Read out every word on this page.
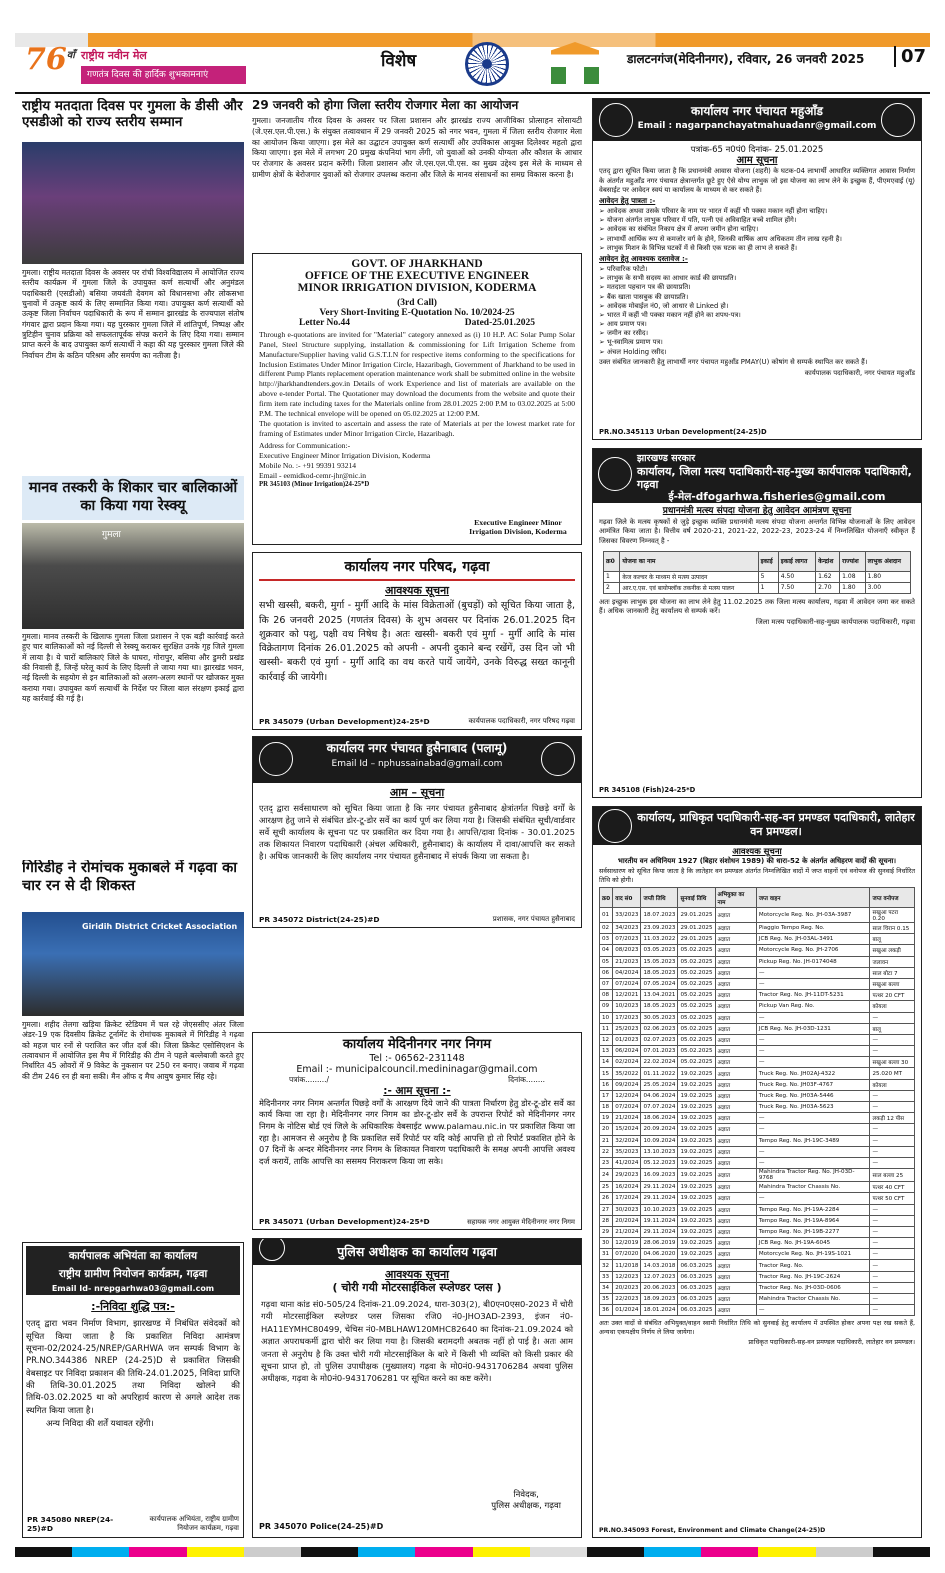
$76^{वाँ}$ राष्ट्रीय नवीन मेल
गणतंत्र दिवस की हार्दिक शुभकामनाएं
विशेष	डालटनगंज(मेदिनीनगर), रविवार, 26 जनवरी 2025	07
राष्ट्रीय मतदाता दिवस पर गुमला के डीसी और एसडीओ को राज्य स्तरीय सम्मान
गुमला। राष्ट्रीय मतदाता दिवस के अवसर पर रांची विश्वविद्यालय में आयोजित राज्य स्तरीय कार्यक्रम में गुमला जिले के उपायुक्त कर्ण सत्यार्थी और अनुमंडल पदाधिकारी (एसडीओ) बसिया जयवंती देवगम को विधानसभा और लोकसभा चुनावों में उत्कृष्ट कार्य के लिए सम्मानित किया गया। उपायुक्त कर्ण सत्यार्थी को उत्कृष्ट जिला निर्वाचन पदाधिकारी के रूप में सम्मान झारखंड के राज्यपाल संतोष गंगवार द्वारा प्रदान किया गया। यह पुरस्कार गुमला जिले में शांतिपूर्ण, निष्पक्ष और त्रुटिहीन चुनाव प्रक्रिया को सफलतापूर्वक संपन्न कराने के लिए दिया गया। सम्मान प्राप्त करने के बाद उपायुक्त कर्ण सत्यार्थी ने कहा की यह पुरस्कार गुमला जिले की निर्वाचन टीम के कठिन परिश्रम और समर्पण का नतीजा है।
मानव तस्करी के शिकार चार बालिकाओं का किया गया रेस्क्यू
गुमला
गुमला। मानव तस्करी के खिलाफ गुमला जिला प्रशासन ने एक बड़ी कार्रवाई करते हुए चार बालिकाओं को नई दिल्ली से रेस्क्यू कराकर सुरक्षित उनके गृह जिले गुमला में लाया है। ये चारों बालिकाएं जिले के घाघरा, गोरापुर, बसिया और डुमरी प्रखंड की निवासी हैं, जिन्हें घरेलू कार्य के लिए दिल्ली ले जाया गया था। झारखंड भवन, नई दिल्ली के सहयोग से इन बालिकाओं को अलग-अलग स्थानों पर खोजकर मुक्त कराया गया। उपायुक्त कर्ण सत्यार्थी के निर्देश पर जिला बाल संरक्षण इकाई द्वारा यह कार्रवाई की गई है।
गिरिडीह ने रोमांचक मुकाबले में गढ़वा का चार रन से दी शिकस्त
Giridih District Cricket Association
गुमला। शहीद तेलगा खड़िया क्रिकेट स्टेडियम में चल रहे जेएससीए अंतर जिला अंडर-19 एक दिवसीय क्रिकेट टूर्नामेंट के रोमांचक मुकाबले में गिरिडीह ने गढ़वा को महज चार रनों से पराजित कर जीत दर्ज की। जिला क्रिकेट एसोसिएशन के तत्वावधान में आयोजित इस मैच में गिरिडीह की टीम ने पहले बल्लेबाजी करते हुए निर्धारित 45 ओवरों में 9 विकेट के नुकसान पर 250 रन बनाए। जवाब में गढ़वा की टीम 246 रन ही बना सकी। मैन ऑफ द मैच आयुष कुमार सिंह रहे।
कार्यपालक अभियंता का कार्यालय
राष्ट्रीय ग्रामीण नियोजन कार्यक्रम, गढ़वा
Email Id- nrepgarhwa03@gmail.com
:-निविदा शुद्धि पत्र:-
एतद् द्वारा भवन निर्माण विभाग, झारखण्ड में निबंधित संवेदकों को सूचित किया जाता है कि प्रकाशित निविदा आमंत्रण सूचना-02/2024-25/NREP/GARHWA जन सम्पर्क विभाग के PR.NO.344386 NREP (24-25)D से प्रकाशित जिसकी वेबसाइट पर निविदा प्रकाशन की तिथि-24.01.2025, निविदा प्राप्ति की तिथि-30.01.2025 तथा निविदा खोलने की तिथि-03.02.2025 था को अपरिहार्य कारण से अगले आदेश तक स्थगित किया जाता है।
अन्य निविदा की शर्तें यथावत रहेंगी।
PR 345080 NREP(24-25)#D
कार्यपालक अभियंता, राष्ट्रीय ग्रामीण नियोजन कार्यक्रम, गढ़वा
29 जनवरी को होगा जिला स्तरीय रोजगार मेला का आयोजन
गुमला। जनजातीय गौरव दिवस के अवसर पर जिला प्रशासन और झारखंड राज्य आजीविका प्रोत्साहन सोसायटी (जे.एस.एल.पी.एस.) के संयुक्त तत्वावधान में 29 जनवरी 2025 को नगर भवन, गुमला में जिला स्तरीय रोजगार मेला का आयोजन किया जाएगा। इस मेले का उद्घाटन उपायुक्त कर्ण सत्यार्थी और उपविकास आयुक्त दिलेश्वर महतो द्वारा किया जाएगा। इस मेले में लगभग 20 प्रमुख कंपनियां भाग लेंगी, जो युवाओं को उनकी योग्यता और कौशल के आधार पर रोजगार के अवसर प्रदान करेंगी। जिला प्रशासन और जे.एस.एल.पी.एस. का मुख्य उद्देश्य इस मेले के माध्यम से ग्रामीण क्षेत्रों के बेरोजगार युवाओं को रोजगार उपलब्ध कराना और जिले के मानव संसाधनों का समग्र विकास करना है।
GOVT. OF JHARKHAND
OFFICE OF THE EXECUTIVE ENGINEER
MINOR IRRIGATION DIVISION, KODERMA
(3rd Call)
Very Short-Inviting E-Quotation No. 10/2024-25
Letter No.44	Dated-25.01.2025
Through e-quotations are invited for "Material" category annexed as (i) 10 H.P. AC Solar Pump Solar Panel, Steel Structure supplying, installation & commissioning for Lift Irrigation Scheme from Manufacture/Supplier having valid G.S.T.I.N for respective items conforming to the specifications for Inclusion Estimates Under Minor Irrigation Circle, Hazaribagh, Government of Jharkhand to be used in different Pump Plants replacement operation maintenance work shall be submitted online in the website http://jharkhandtenders.gov.in Details of work Experience and list of materials are available on the above e-tender Portal. The Quotationer may download the documents from the website and quote their firm item rate including taxes for the Materials online from 28.01.2025 2:00 P.M to 03.02.2025 at 5:00 P.M. The technical envelope will be opened on 05.02.2025 at 12:00 P.M.
The quotation is invited to ascertain and assess the rate of Materials at per the lowest market rate for framing of Estimates under Minor Irrigation Circle, Hazaribagh.
Address for Communication:-
Executive Engineer Minor Irrigation Division, Koderma
Mobile No. :- +91 99391 93214
Email - eemidkod-cemr-jhr@nic.in
PR 345103 (Minor Irrigation)24-25*D
Executive Engineer Minor Irrigation Division, Koderma
कार्यालय नगर परिषद, गढ़वा
आवश्यक सूचना
सभी खस्सी, बकरी, मुर्गा - मुर्गी आदि के मांस विक्रेताओं (बुचड़ों) को सूचित किया जाता है, कि 26 जनवरी 2025 (गणतंत्र दिवस) के शुभ अवसर पर दिनांक 26.01.2025 दिन शुक्रवार को पशु, पक्षी वध निषेध है। अतः खस्सी- बकरी एवं मुर्गा - मुर्गी आदि के मांस विक्रेतागण दिनांक 26.01.2025 को अपनी - अपनी दुकाने बन्द रखेंगें, उस दिन जो भी खस्सी- बकरी एवं मुर्गा - मुर्गी आदि का वध करते पायें जायेंगे, उनके विरुद्ध सख्त कानूनी कार्रवाई की जायेगी।
PR 345079 (Urban Development)24-25*D	कार्यपालक पदाधिकारी, नगर परिषद गढ़वा
कार्यालय नगर पंचायत हुसैनाबाद (पलामू)
Email Id – nphussainabad@gmail.com
आम – सूचना
एतद् द्वारा सर्वसाधारण को सूचित किया जाता है कि नगर पंचायत हुसैनाबाद क्षेत्रांतर्गत पिछड़े वर्गों के आरक्षण हेतु जाने से संबंधित डोर-टू-डोर सर्वे का कार्य पूर्ण कर लिया गया है। जिसकी संबंधित सूची/वार्डवार सर्वे सूची कार्यालय के सूचना पट पर प्रकाशित कर दिया गया है। आपत्ति/दावा दिनांक - 30.01.2025 तक शिकायत निवारण पदाधिकारी (अंचल अधिकारी, हुसैनाबाद) के कार्यालय में दावा/आपत्ति कर सकते है। अधिक जानकारी के लिए कार्यालय नगर पंचायत हुसैनाबाद में संपर्क किया जा सकता है।
PR 345072 District(24-25)#D	प्रशासक, नगर पंचायत हुसैनाबाद
कार्यालय मेदिनीनगर नगर निगम
Tel :- 06562-231148
Email :- municipalcouncil.medininagar@gmail.com
पत्रांक........./	दिनांक........
:- आम सूचना :-
मेदिनीनगर नगर निगम अन्तर्गत पिछड़े वर्गों के आरक्षण दिये जाने की पात्रता निर्धारण हेतु डोर-टू-डोर सर्वे का कार्य किया जा रहा है। मेदिनीनगर नगर निगम का डोर-टू-डोर सर्वे के उपरान्त रिपोर्ट को मेदिनीनगर नगर निगम के नोटिस बोर्ड एवं जिले के अधिकारिक वेबसाईट www.palamau.nic.in पर प्रकाशित किया जा रहा है। आमजन से अनुरोध है कि प्रकाशित सर्वे रिपोर्ट पर यदि कोई आपत्ति हो तो रिपोर्ट प्रकाशित होने के 07 दिनों के अन्दर मेदिनीनगर नगर निगम के शिकायत निवारण पदाधिकारी के समक्ष अपनी आपत्ति अवश्य दर्ज करायें, ताकि आपत्ति का ससमय निराकरण किया जा सके।
PR 345071 (Urban Development)24-25*D	सहायक नगर आयुक्त मेदिनीनगर नगर निगम
पुलिस अधीक्षक का कार्यालय गढ़वा
आवश्यक सूचना
( चोरी गयी मोटरसाईकिल स्प्लेण्डर प्लस )
गढ़वा थाना कांड सं0-505/24 दिनांक-21.09.2024, धारा-303(2), बी0एन0एस0-2023 में चोरी गयी मोटरसाईकिल स्प्लेण्डर प्लस जिसका रजि0 नं0-JHO3AD-2393, इंजन नं0-HA11EYMHC80499, चेचिस नं0-MBLHAW120MHC82640 का दिनांक-21.09.2024 को अज्ञात अपराधकर्मी द्वारा चोरी कर लिया गया है। जिसकी बरामदगी अबतक नहीं हो पाई है। अतः आम जनता से अनुरोध है कि उक्त चोरी गयी मोटरसाईकिल के बारे में किसी भी व्यक्ति को किसी प्रकार की सूचना प्राप्त हो, तो पुलिस उपाधीक्षक (मुख्यालय) गढ़वा के मो0नं0-9431706284 अथवा पुलिस अधीक्षक, गढ़वा के मो0नं0-9431706281 पर सूचित करने का कष्ट करेंगे।
निवेदक,
पुलिस अधीक्षक, गढ़वा
PR 345070 Police(24-25)#D
कार्यालय नगर पंचायत महुआँड
Email : nagarpanchayatmahuadanr@gmail.com
पत्रांक-65 न0पं0 दिनांक- 25.01.2025
आम सूचना
एतद् द्वारा सूचित किया जाता है कि प्रधानमंत्री आवास योजना (शहरी) के घटक-04 लाभार्थी आधारित व्यक्तिगत आवास निर्माण के अंतर्गत महुआँड नगर पंचायत क्षेत्रान्तर्गत छूटे हुए ऐसे योग्य लाभुक जो इस योजना का लाभ लेने के इच्छुक हैं, पीएमएवाई (यू) वेबसाईट पर आवेदन स्वयं या कार्यालय के माध्यम से कर सकते हैं।
आवेदन हेतु पात्रता :-
➢ आवेदक अथवा उसके परिवार के नाम पर भारत में कहीं भी पक्का मकान नहीं होना चाहिए।
➢ योजना अंतर्गत लाभुक परिवार में पति, पत्नी एवं अविवाहित बच्चे शामिल होंगे।
➢ आवेदक का संबंधित निकाय क्षेत्र में अपना जमीन होना चाहिए।
➢ लाभार्थी आर्थिक रूप से कमजोर वर्ग के होने, जिनकी वार्षिक आय अधिकतम तीन लाख रहनी है।
➢ लाभुक मिशन के विभिन्न घटकों में से किसी एक घटक का ही लाभ ले सकते हैं।
आवेदन हेतु आवश्यक दस्तावेज :-
➢ परिवारिक फोटो।
➢ लाभुक के सभी सदस्य का आधार कार्ड की छायाप्रति।
➢ मतदाता पहचान पत्र की छायाप्रति।
➢ बैंक खाता पासबुक की छायाप्रति।
➢ आवेदक मोबाईल नं0, जो आधार से Linked हो।
➢ भारत में कहीं भी पक्का मकान नहीं होने का शपथ-पत्र।
➢ आय प्रमाण पत्र।
➢ जमीन का रसीद।
➢ भू-स्वामित्व प्रमाण पत्र।
➢ अंचल Holding रसीद।
उक्त संबंधित जानकारी हेतु लाभार्थी नगर पंचायत महुआँड PMAY(U) कोषांग से सम्पर्क स्थापित कर सकते हैं।
कार्यपालक पदाधिकारी, नगर पंचायत महुआँड
PR.NO.345113 Urban Development(24-25)D
झारखण्ड सरकार
कार्यालय, जिला मत्स्य पदाधिकारी-सह-मुख्य कार्यपालक पदाधिकारी, गढ़वा
ई-मेल-dfogarhwa.fisheries@gmail.com
प्रधानमंत्री मत्स्य संपदा योजना हेतु आवेदन आमंत्रण सूचना
गढ़वा जिले के मत्स्य कृषकों से जुड़े इच्छुक व्यक्ति प्रधानमंत्री मत्स्य संपदा योजना अन्तर्गत विभिन्न योजनाओं के लिए आवेदन आमंत्रित किया जाता है। वित्तीय वर्ष 2020-21, 2021-22, 2022-23, 2023-24 में निम्नलिखित योजनाएँ स्वीकृत हैं जिसका विवरण निम्नवत् है -
क्र0	योजना का नाम	इकाई	इकाई लागत	केन्द्रांश	राज्यांश	लाभुक अंशदान
1	केज कल्चर के माध्यम से मत्स्य उत्पादन	5	4.50	1.62	1.08	1.80
2	आर.ए.एस. एवं बायोफ्लॉक तकनीक से मत्स्य पालन	1	7.50	2.70	1.80	3.00
अतः इच्छुक लाभुक इस योजना का लाभ लेने हेतु 11.02.2025 तक जिला मत्स्य कार्यालय, गढ़वा में आवेदन जमा कर सकते हैं। अधिक जानकारी हेतु कार्यालय से सम्पर्क करें।
जिला मत्स्य पदाधिकारी-सह-मुख्य कार्यपालक पदाधिकारी, गढ़वा
PR 345108 (Fish)24-25*D
कार्यालय, प्राधिकृत पदाधिकारी-सह-वन प्रमण्डल पदाधिकारी, लातेहार वन प्रमण्डल।
आवश्यक सूचना
भारतीय वन अधिनियम 1927 (बिहार संशोधन 1989) की धारा-52 के अंतर्गत अधिहरण वादों की सूचना।
सर्वसाधारण को सूचित किया जाता है कि लातेहार वन प्रमण्डल अंतर्गत निम्नलिखित वादों में जप्त वाहनों एवं वनोपज की सुनवाई निर्धारित तिथि को होगी।
क्र0	वाद सं0	जप्ती तिथि	सुनवाई तिथि	अभियुक्त का नाम	जप्त वाहन	जप्त वनोपज
01	33/2023	18.07.2023	29.01.2025	अज्ञात	Motorcycle Reg. No. JH-03A-3987	सखुआ पटरा 0.20
02	34/2023	23.09.2023	29.01.2025	अज्ञात	Piaggio Tempo Reg. No.	साल चिरान 0.15
03	07/2023	11.03.2022	29.01.2025	अज्ञात	JCB Reg. No. JH-03AL-3491	बालू
04	08/2023	03.05.2023	05.02.2025	अज्ञात	Motorcycle Reg. No. JH-2706	सखुआ लकड़ी
05	21/2023	15.05.2023	05.02.2025	अज्ञात	Pickup Reg. No. JH-0174048	जलावन
06	04/2024	18.05.2023	05.02.2025	अज्ञात	—	साल बोटा 7
07	07/2024	07.05.2024	05.02.2025	अज्ञात	—	सखुआ बल्ला
08	12/2021	13.04.2021	05.02.2025	अज्ञात	Tractor Reg. No. JH-11DT-5231	पत्थर 20 CFT
09	10/2023	18.05.2023	05.02.2025	अज्ञात	Pickup Van Reg. No.	कोयला
10	17/2023	30.05.2023	05.02.2025	अज्ञात	—	—
11	25/2023	02.06.2023	05.02.2025	अज्ञात	JCB Reg. No. JH-03D-1231	बालू
12	01/2023	02.07.2023	05.02.2025	अज्ञात	—	—
13	06/2024	07.01.2023	05.02.2025	अज्ञात	—	—
14	02/2024	22.02.2024	05.02.2025	अज्ञात	—	सखुआ बल्ला 30
15	35/2022	01.11.2022	19.02.2025	अज्ञात	Truck Reg. No. JH02AJ-4322	25.020 MT
16	09/2024	25.05.2024	19.02.2025	अज्ञात	Truck Reg. No. JH03F-4767	कोयला
17	12/2024	04.06.2024	19.02.2025	अज्ञात	Truck Reg. No. JH03A-5446	—
18	07/2024	07.07.2024	19.02.2025	अज्ञात	Truck Reg. No. JH03A-5623	—
19	21/2024	18.06.2024	19.02.2025	अज्ञात	—	लकड़ी 12 पीस
20	15/2024	20.09.2024	19.02.2025	अज्ञात	—	—
21	32/2024	10.09.2024	19.02.2025	अज्ञात	Tempo Reg. No. JH-19C-3489	—
22	35/2023	13.10.2023	19.02.2025	अज्ञात	—	—
23	41/2024	05.12.2023	19.02.2025	अज्ञात	—	—
24	29/2023	16.09.2023	19.02.2025	अज्ञात	Mahindra Tractor Reg. No. JH-03D-9768	साल बल्ला 25
25	16/2024	29.11.2024	19.02.2025	अज्ञात	Mahindra Tractor Chassis No.	पत्थर 40 CFT
26	17/2024	29.11.2024	19.02.2025	अज्ञात	—	पत्थर 50 CFT
27	30/2023	10.10.2023	19.02.2025	अज्ञात	Tempo Reg. No. JH-19A-2284	—
28	20/2024	19.11.2024	19.02.2025	अज्ञात	Tempo Reg. No. JH-19A-8964	—
29	21/2024	29.11.2024	19.02.2025	अज्ञात	Tempo Reg. No. JH-19B-2277	—
30	12/2019	28.06.2019	19.02.2025	अज्ञात	JCB Reg. No. JH-19A-6045	—
31	07/2020	04.06.2020	19.02.2025	अज्ञात	Motorcycle Reg. No. JH-19S-1021	—
32	11/2018	14.03.2018	06.03.2025	अज्ञात	Tractor Reg. No.	—
33	12/2023	12.07.2023	06.03.2025	अज्ञात	Tractor Reg. No. JH-19C-2624	—
34	20/2023	20.06.2023	06.03.2025	अज्ञात	Tractor Reg. No. JH-03D-0606	—
35	22/2023	18.09.2023	06.03.2025	अज्ञात	Mahindra Tractor Chassis No.	—
36	01/2024	18.01.2024	06.03.2025	अज्ञात	—	—
अतः उक्त वादों से संबंधित अभियुक्त/वाहन स्वामी निर्धारित तिथि को सुनवाई हेतु कार्यालय में उपस्थित होकर अपना पक्ष रख सकते हैं, अन्यथा एकपक्षीय निर्णय ले लिया जायेगा।
प्राधिकृत पदाधिकारी-सह-वन प्रमण्डल पदाधिकारी, लातेहार वन प्रमण्डल।
PR.NO.345093 Forest, Environment and Climate Change(24-25)D
